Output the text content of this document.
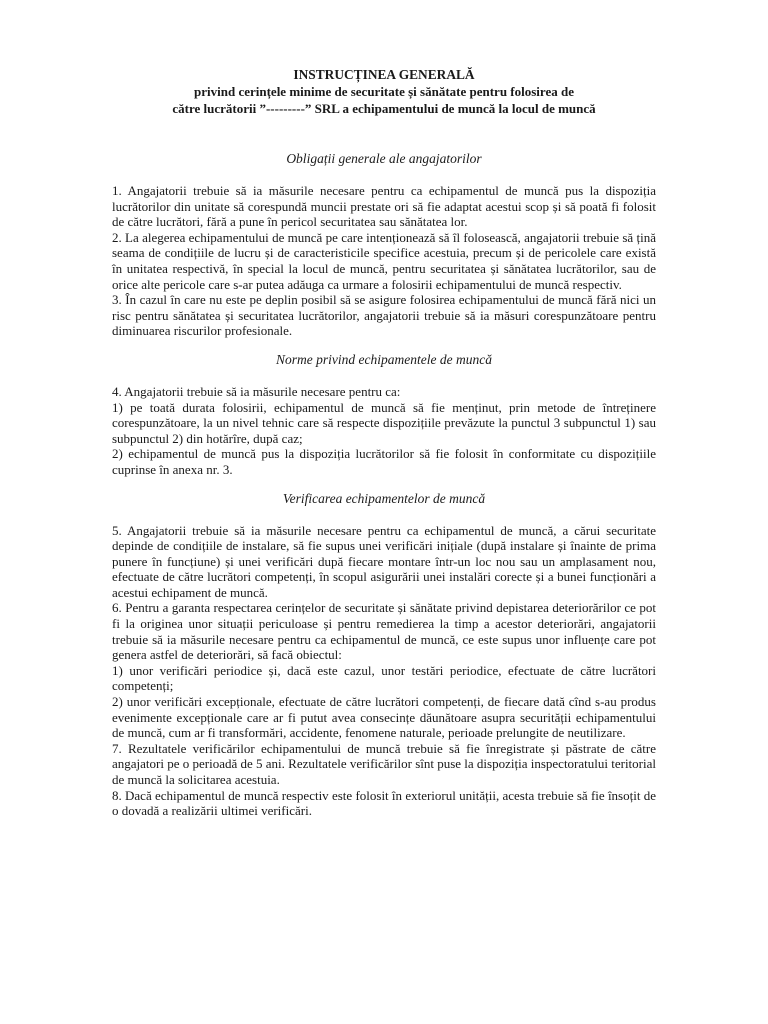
INSTRUCȚINEA GENERALĂ

privind cerințele minime de securitate și sănătate pentru folosirea de

către lucrătorii ”---------” SRL a echipamentului de muncă la locul de muncă

Obligații generale ale angajatorilor

1. Angajatorii trebuie să ia măsurile necesare pentru ca echipamentul de muncă pus la dispoziția lucrătorilor din unitate să corespundă muncii prestate ori să fie adaptat acestui scop și să poată fi folosit de către lucrători, fără a pune în pericol securitatea sau sănătatea lor.

2. La alegerea echipamentului de muncă pe care intenționează să îl folosească, angajatorii trebuie să țină seama de condițiile de lucru și de caracteristicile specifice acestuia, precum și de pericolele care există în unitatea respectivă, în special la locul de muncă, pentru securitatea și sănătatea lucrătorilor, sau de orice alte pericole care s-ar putea adăuga ca urmare a folosirii echipamentului de muncă respectiv.

3. În cazul în care nu este pe deplin posibil să se asigure folosirea echipamentului de muncă fără nici un risc pentru sănătatea și securitatea lucrătorilor, angajatorii trebuie să ia măsuri corespunzătoare pentru diminuarea riscurilor profesionale.

Norme privind echipamentele de muncă

4. Angajatorii trebuie să ia măsurile necesare pentru ca:

1) pe toată durata folosirii, echipamentul de muncă să fie menținut, prin metode de întreținere corespunzătoare, la un nivel tehnic care să respecte dispozițiile prevăzute la punctul 3 subpunctul 1) sau subpunctul 2) din hotărîre, după caz;

2) echipamentul de muncă pus la dispoziția lucrătorilor să fie folosit în conformitate cu dispozițiile cuprinse în anexa nr. 3.

Verificarea echipamentelor de muncă

5. Angajatorii trebuie să ia măsurile necesare pentru ca echipamentul de muncă, a cărui securitate depinde de condițiile de instalare, să fie supus unei verificări inițiale (după instalare și înainte de prima punere în funcțiune) și unei verificări după fiecare montare într-un loc nou sau un amplasament nou, efectuate de către lucrători competenți, în scopul asigurării unei instalări corecte și a bunei funcționări a acestui echipament de muncă.

6. Pentru a garanta respectarea cerințelor de securitate și sănătate privind depistarea deteriorărilor ce pot fi la originea unor situații periculoase și pentru remedierea la timp a acestor deteriorări, angajatorii trebuie să ia măsurile necesare pentru ca echipamentul de muncă, ce este supus unor influențe care pot genera astfel de deteriorări, să facă obiectul:

1) unor verificări periodice și, dacă este cazul, unor testări periodice, efectuate de către lucrători competenți;

2) unor verificări excepționale, efectuate de către lucrători competenți, de fiecare dată cînd s-au produs evenimente excepționale care ar fi putut avea consecințe dăunătoare asupra securității echipamentului de muncă, cum ar fi transformări, accidente, fenomene naturale, perioade prelungite de neutilizare.

7. Rezultatele verificărilor echipamentului de muncă trebuie să fie înregistrate și păstrate de către angajatori pe o perioadă de 5 ani. Rezultatele verificărilor sînt puse la dispoziția inspectoratului teritorial de muncă la solicitarea acestuia.

8. Dacă echipamentul de muncă respectiv este folosit în exteriorul unității, acesta trebuie să fie însoțit de o dovadă a realizării ultimei verificări.
